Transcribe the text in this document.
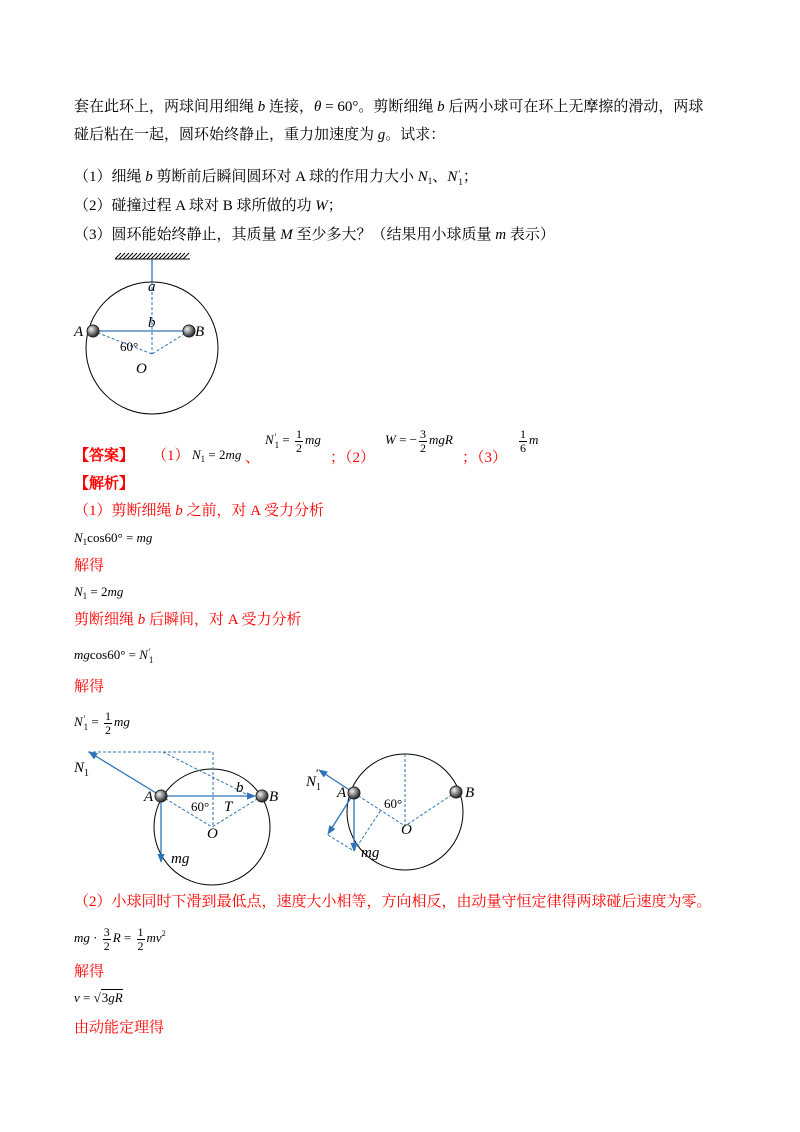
套在此环上，两球间用细绳 b 连接，θ = 60°。剪断细绳 b 后两小球可在环上无摩擦的滑动，两球
碰后粘在一起，圆环始终静止，重力加速度为 g。试求：
（1）细绳 b 剪断前后瞬间圆环对 A 球的作用力大小 $N_1$、N ′
1 ；
（2）碰撞过程 A 球对 B 球所做的功 W；
（3）圆环能始终静止，其质量 M 至少多大？（结果用小球质量 m 表示）
a
b
A	B
60°
O
【答案】 （1） $N_1 = 2mg$ 、
N ′
$1 = \frac{1}{2}$ mg
；（2）
W = − $\frac{3}{2}$ mgR
；（3）
$\frac{1}{6}$ m
【解析】
（1）剪断细绳 b 之前，对 A 受力分析
$N_1\cos 60^\circ$ = mg
解得
$N_1 = 2mg$
剪断细绳 b 后瞬间，对 A 受力分析
mgcos60° = N ′
1
解得
N ′
$1 = \frac{1}{2}$ mg
$N_1$
A
60°
O
T
b
B
mg
$N_1'$
A
60°
O
B
mg
（2）小球同时下滑到最低点，速度大小相等，方向相反，由动量守恒定律得两球碰后速度为零。
mg · $\frac{3}{2}$ $R = \frac{1}{2} mv^2$
解得
v = √3gR
由动能定理得
